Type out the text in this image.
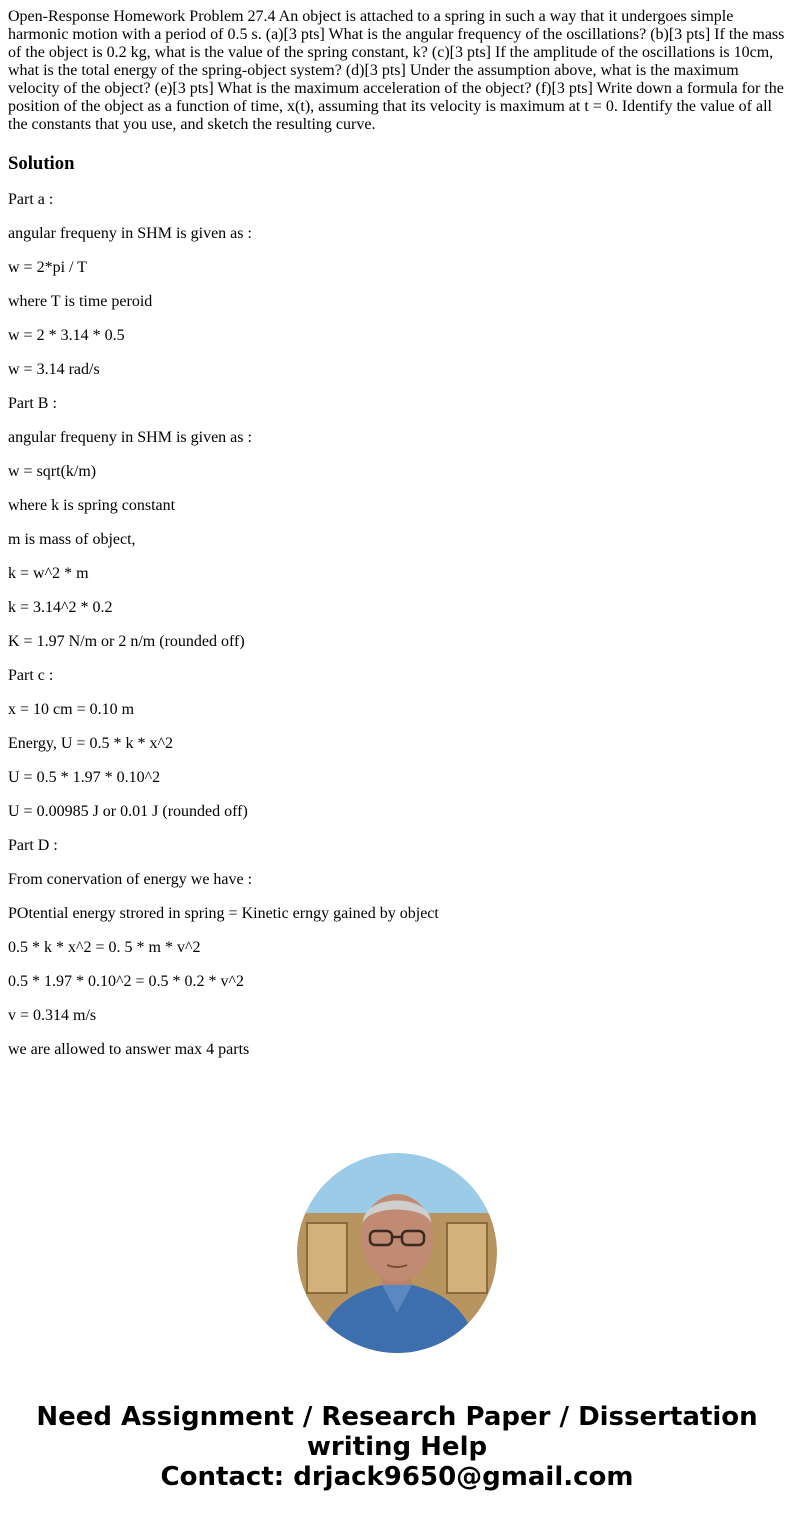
Open-Response Homework Problem 27.4 An object is attached to a spring in such a way that it undergoes simple harmonic motion with a period of 0.5 s. (a)[3 pts] What is the angular frequency of the oscillations? (b)[3 pts] If the mass of the object is 0.2 kg, what is the value of the spring constant, k? (c)[3 pts] If the amplitude of the oscillations is 10cm, what is the total energy of the spring-object system? (d)[3 pts] Under the assumption above, what is the maximum velocity of the object? (e)[3 pts] What is the maximum acceleration of the object? (f)[3 pts] Write down a formula for the position of the object as a function of time, x(t), assuming that its velocity is maximum at t = 0. Identify the value of all the constants that you use, and sketch the resulting curve.

Solution

Part a :

angular frequeny in SHM is given as :

w = 2*pi / T

where T is time peroid

w = 2 * 3.14 * 0.5

w = 3.14 rad/s

Part B :

angular frequeny in SHM is given as :

w = sqrt(k/m)

where k is spring constant

m is mass of object,

k = w^2 * m

k = 3.14^2 * 0.2

K = 1.97 N/m or 2 n/m (rounded off)

Part c :

x = 10 cm = 0.10 m

Energy, U = 0.5 * k * x^2

U = 0.5 * 1.97 * 0.10^2

U = 0.00985 J or 0.01 J (rounded off)

Part D :

From conervation of energy we have :

POtential energy strored in spring = Kinetic erngy gained by object

0.5 * k * x^2 = 0. 5 * m * v^2

0.5 * 1.97 * 0.10^2 = 0.5 * 0.2 * v^2

v = 0.314 m/s

we are allowed to answer max 4 parts

Need Assignment / Research Paper / Dissertation
writing Help
Contact: drjack9650@gmail.com
